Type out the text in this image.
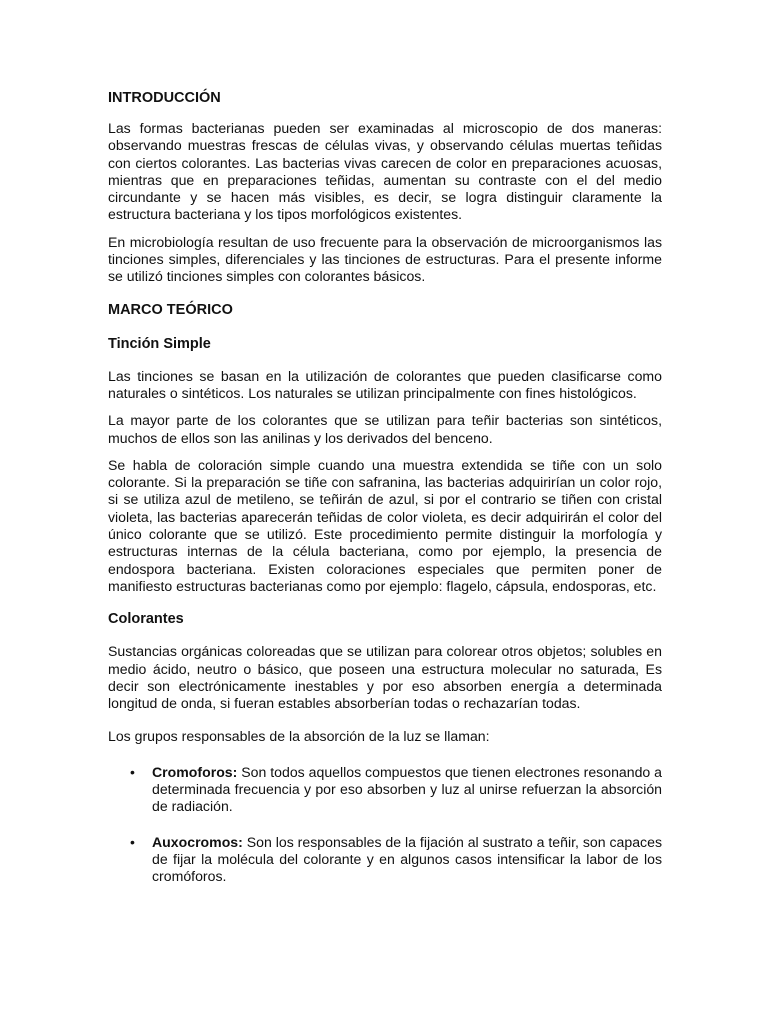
INTRODUCCIÓN

Las formas bacterianas pueden ser examinadas al microscopio de dos maneras: observando muestras frescas de células vivas, y observando células muertas teñidas con ciertos colorantes. Las bacterias vivas carecen de color en preparaciones acuosas, mientras que en preparaciones teñidas, aumentan su contraste con el del medio circundante y se hacen más visibles, es decir, se logra distinguir claramente la estructura bacteriana y los tipos morfológicos existentes.

En microbiología resultan de uso frecuente para la observación de microorganismos las tinciones simples, diferenciales y las tinciones de estructuras. Para el presente informe se utilizó tinciones simples con colorantes básicos.

MARCO TEÓRICO
Tinción Simple

Las tinciones se basan en la utilización de colorantes que pueden clasificarse como naturales o sintéticos. Los naturales se utilizan principalmente con fines histológicos.

La mayor parte de los colorantes que se utilizan para teñir bacterias son sintéticos, muchos de ellos son las anilinas y los derivados del benceno.

Se habla de coloración simple cuando una muestra extendida se tiñe con un solo colorante. Si la preparación se tiñe con safranina, las bacterias adquirirían un color rojo, si se utiliza azul de metileno, se teñirán de azul, si por el contrario se tiñen con cristal violeta, las bacterias aparecerán teñidas de color violeta, es decir adquirirán el color del único colorante que se utilizó. Este procedimiento permite distinguir la morfología y estructuras internas de la célula bacteriana, como por ejemplo, la presencia de endospora bacteriana. Existen coloraciones especiales que permiten poner de manifiesto estructuras bacterianas como por ejemplo: flagelo, cápsula, endosporas, etc.

Colorantes

Sustancias orgánicas coloreadas que se utilizan para colorear otros objetos; solubles en medio ácido, neutro o básico, que poseen una estructura molecular no saturada, Es decir son electrónicamente inestables y por eso absorben energía a determinada longitud de onda, si fueran estables absorberían todas o rechazarían todas.

Los grupos responsables de la absorción de la luz se llaman:

• Cromoforos: Son todos aquellos compuestos que tienen electrones resonando a determinada frecuencia y por eso absorben y luz al unirse refuerzan la absorción de radiación.
• Auxocromos: Son los responsables de la fijación al sustrato a teñir, son capaces de fijar la molécula del colorante y en algunos casos intensificar la labor de los cromóforos.
